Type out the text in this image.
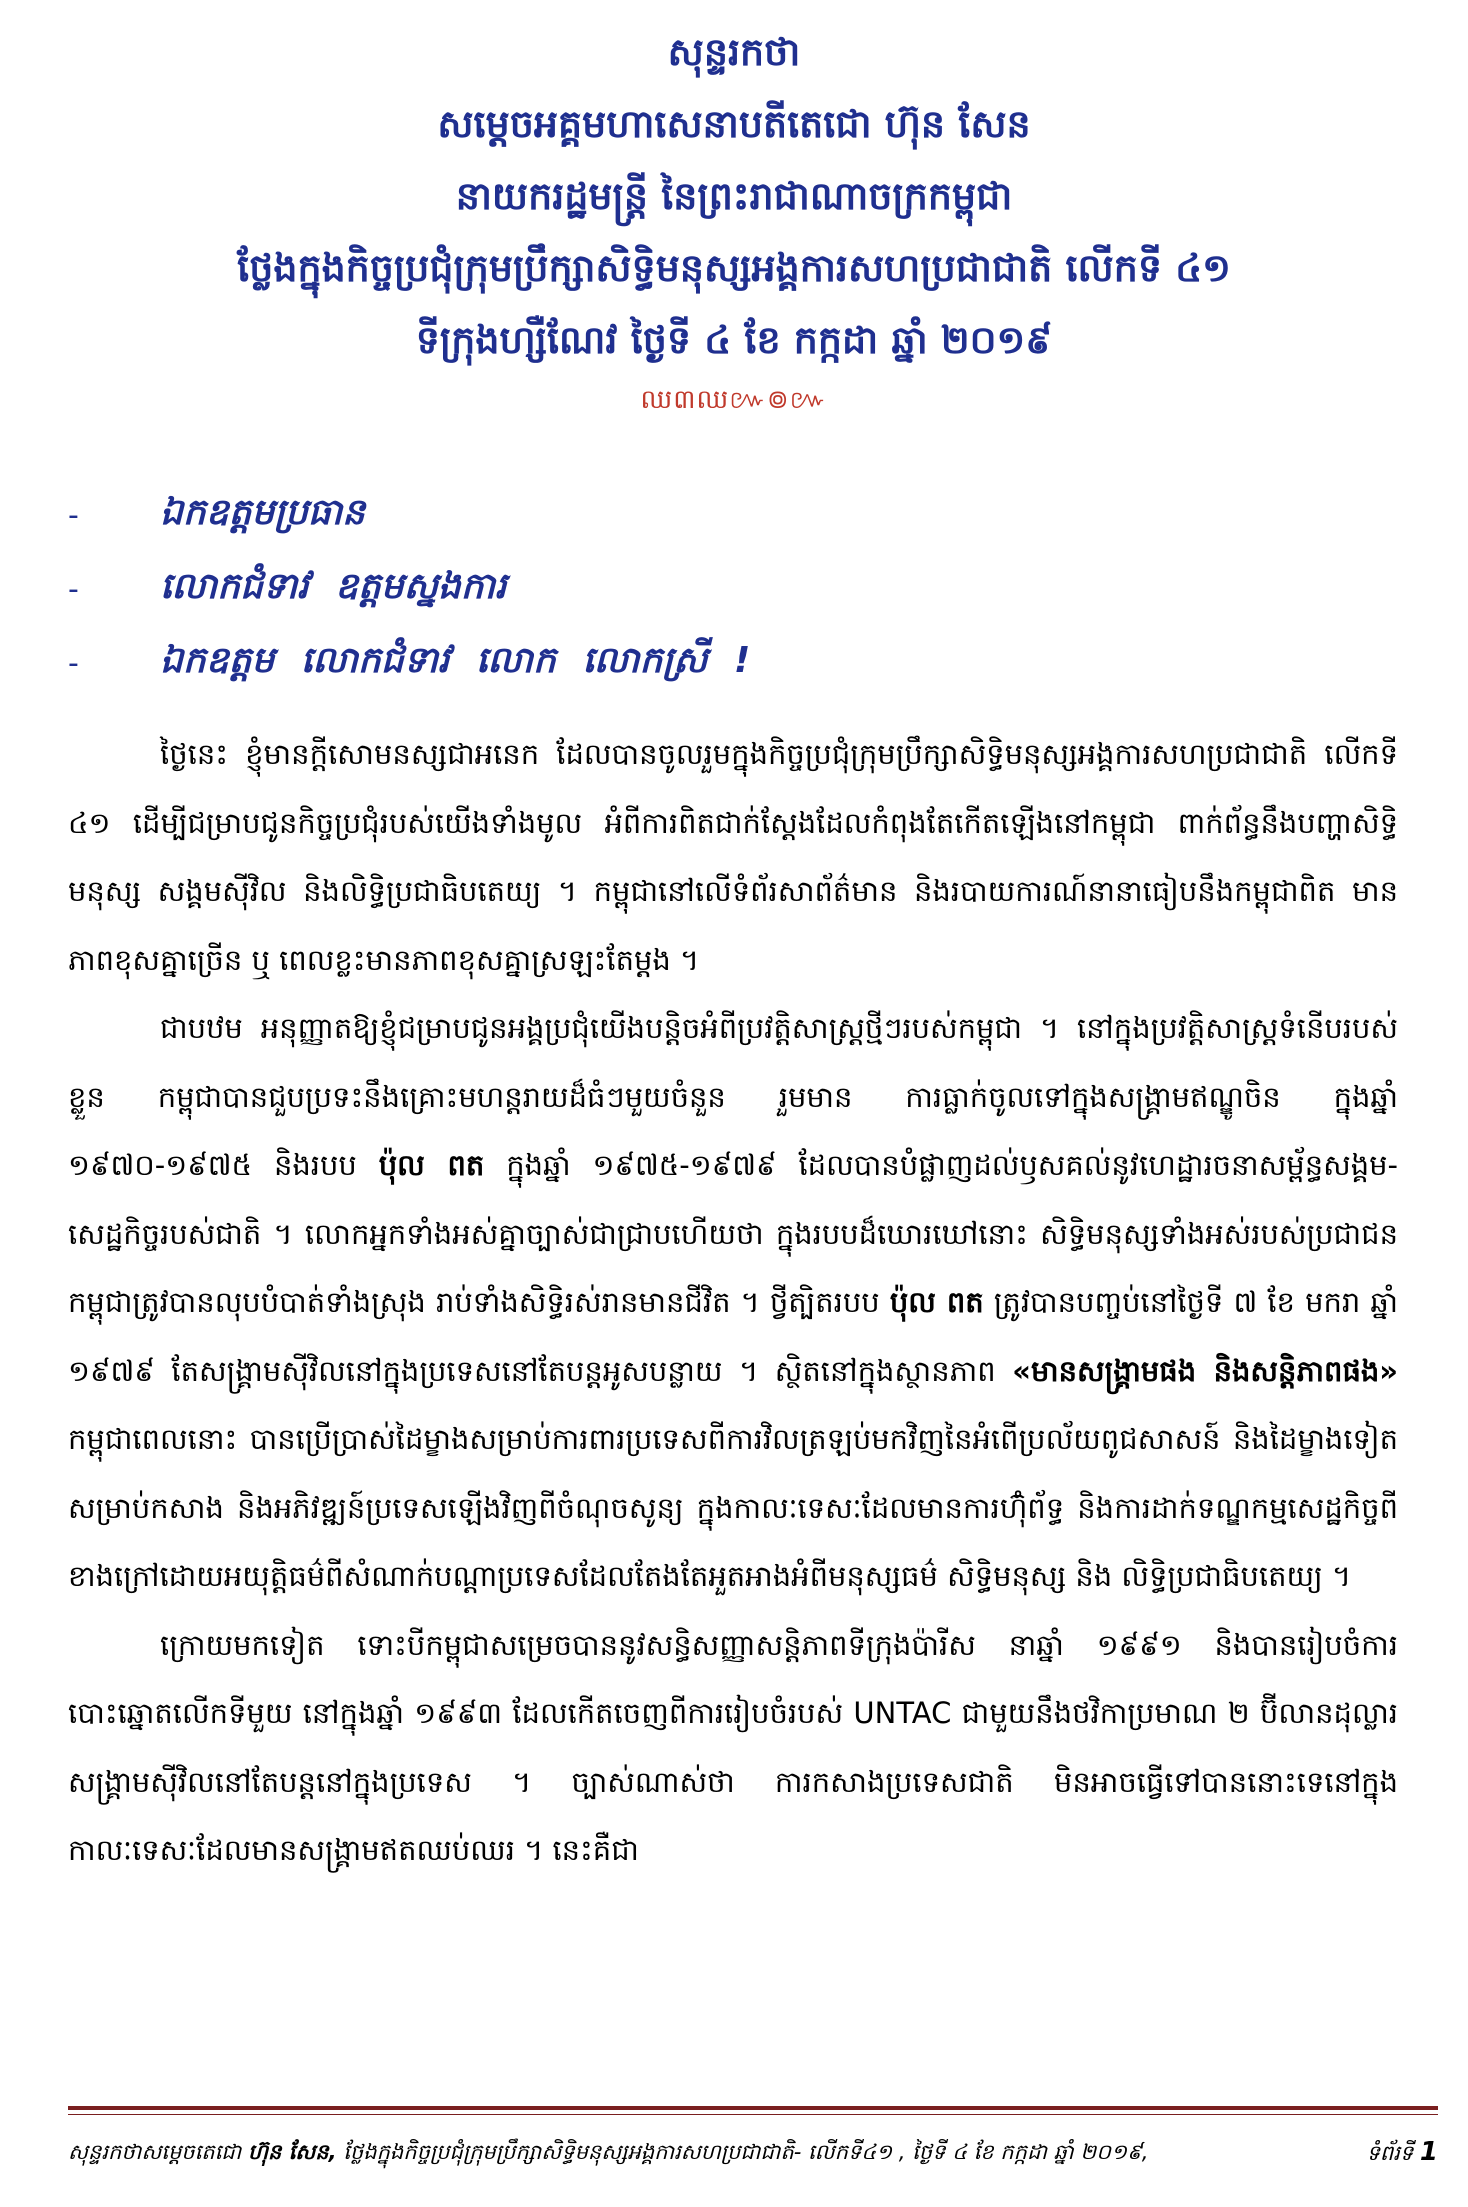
សុន្ទរកថា
សម្តេចអគ្គមហាសេនាបតីតេជោ ហ៊ុន សែន
នាយករដ្ឋមន្ត្រី នៃព្រះរាជាណាចក្រកម្ពុជា
ថ្លែងក្នុងកិច្ចប្រជុំក្រុមប្រឹក្សាសិទ្ធិមនុស្សអង្គការសហប្រជាជាតិ លើកទី ៤១
ទីក្រុងហ្សឺណែវ ថ្ងៃទី ៤ ខែ កក្កដា ឆ្នាំ ២០១៩
ឈ៣ឈ៚៙៚
-	ឯកឧត្តមប្រធាន
-	លោកជំទាវ ឧត្តមស្នងការ
-	ឯកឧត្តម លោកជំទាវ លោក លោកស្រី !

ថ្ងៃនេះ ខ្ញុំមានក្តីសោមនស្សជាអនេក ដែលបានចូលរួមក្នុងកិច្ចប្រជុំក្រុមប្រឹក្សាសិទ្ធិមនុស្សអង្គការសហប្រជាជាតិ លើកទី ៤១ ដើម្បីជម្រាបជូនកិច្ចប្រជុំរបស់យើងទាំងមូល អំពីការពិតជាក់ស្តែងដែលកំពុងតែកើតឡើងនៅកម្ពុជា ពាក់ព័ន្ធនឹងបញ្ហាសិទ្ធិមនុស្ស សង្គមស៊ីវិល និងលិទ្ធិប្រជាធិបតេយ្យ ។ កម្ពុជានៅលើទំព័រសាព័ត៌មាន និងរបាយការណ៍នានាធៀបនឹងកម្ពុជាពិត មានភាពខុសគ្នាច្រើន ឬ ពេលខ្លះមានភាពខុសគ្នាស្រឡះតែម្តង ។

ជាបឋម អនុញ្ញាតឱ្យខ្ញុំជម្រាបជូនអង្គប្រជុំយើងបន្តិចអំពីប្រវត្តិសាស្ត្រថ្មីៗរបស់កម្ពុជា ។ នៅក្នុងប្រវត្តិសាស្ត្រទំនើបរបស់ខ្លួន កម្ពុជាបានជួបប្រទះនឹងគ្រោះមហន្តរាយដ៏ធំៗមួយចំនួន រួមមាន ការធ្លាក់ចូលទៅក្នុងសង្គ្រាមឥណ្ឌូចិន ក្នុងឆ្នាំ ១៩៧០-១៩៧៥ និងរបប ប៉ុល ពត ក្នុងឆ្នាំ ១៩៧៥-១៩៧៩ ដែលបានបំផ្លាញដល់ឫសគល់នូវហេដ្ឋារចនាសម្ព័ន្ធសង្គម-សេដ្ឋកិច្ចរបស់ជាតិ ។ លោកអ្នកទាំងអស់គ្នាច្បាស់ជាជ្រាបហើយថា ក្នុងរបបដ៏ឃោរឃៅនោះ សិទ្ធិមនុស្សទាំងអស់របស់ប្រជាជនកម្ពុជាត្រូវបានលុបបំបាត់ទាំងស្រុង រាប់ទាំងសិទ្ធិរស់រានមានជីវិត ។ ថ្វីត្បិតរបប ប៉ុល ពត ត្រូវបានបញ្ចប់នៅថ្ងៃទី ៧ ខែ មករា ឆ្នាំ ១៩៧៩ តែសង្គ្រាមស៊ីវិលនៅក្នុងប្រទេសនៅតែបន្តអូសបន្លាយ ។ ស្ថិតនៅក្នុងស្ថានភាព «មានសង្គ្រាមផង និងសន្តិភាពផង» កម្ពុជាពេលនោះ បានប្រើប្រាស់ដៃម្ខាងសម្រាប់ការពារប្រទេសពីការវិលត្រឡប់មកវិញនៃអំពើប្រល័យពូជសាសន៍ និងដៃម្ខាងទៀត សម្រាប់កសាង និងអភិវឌ្ឍន៍ប្រទេសឡើងវិញពីចំណុចសូន្យ ក្នុងកាលៈទេសៈដែលមានការហ៊ុំព័ទ្ធ និងការដាក់ទណ្ឌកម្មសេដ្ឋកិច្ចពីខាងក្រៅដោយអយុត្តិធម៌ពីសំណាក់បណ្តាប្រទេសដែលតែងតែអួតអាងអំពីមនុស្សធម៌ សិទ្ធិមនុស្ស និង លិទ្ធិប្រជាធិបតេយ្យ ។

ក្រោយមកទៀត ទោះបីកម្ពុជាសម្រេចបាននូវសន្ធិសញ្ញាសន្តិភាពទីក្រុងប៉ារីស នាឆ្នាំ ១៩៩១ និងបានរៀបចំការបោះឆ្នោតលើកទីមួយ នៅក្នុងឆ្នាំ ១៩៩៣ ដែលកើតចេញពីការរៀបចំរបស់ UNTAC ជាមួយនឹងថវិកាប្រមាណ ២ ប៊ីលានដុល្លារ សង្គ្រាមស៊ីវិលនៅតែបន្តនៅក្នុងប្រទេស ។ ច្បាស់ណាស់ថា ការកសាងប្រទេសជាតិ មិនអាចធ្វើទៅបាននោះទេនៅក្នុងកាលៈទេសៈដែលមានសង្គ្រាមឥតឈប់ឈរ ។ នេះគឺជា

សុន្ទរកថាសម្តេចតេជោ ហ៊ុន សែន, ថ្លែងក្នុងកិច្ចប្រជុំក្រុមប្រឹក្សាសិទ្ធិមនុស្សអង្គការសហប្រជាជាតិ- លើកទី៤១ , ថ្ងៃទី ៤ ខែ កក្កដា ឆ្នាំ ២០១៩,	ទំព័រទី 1
